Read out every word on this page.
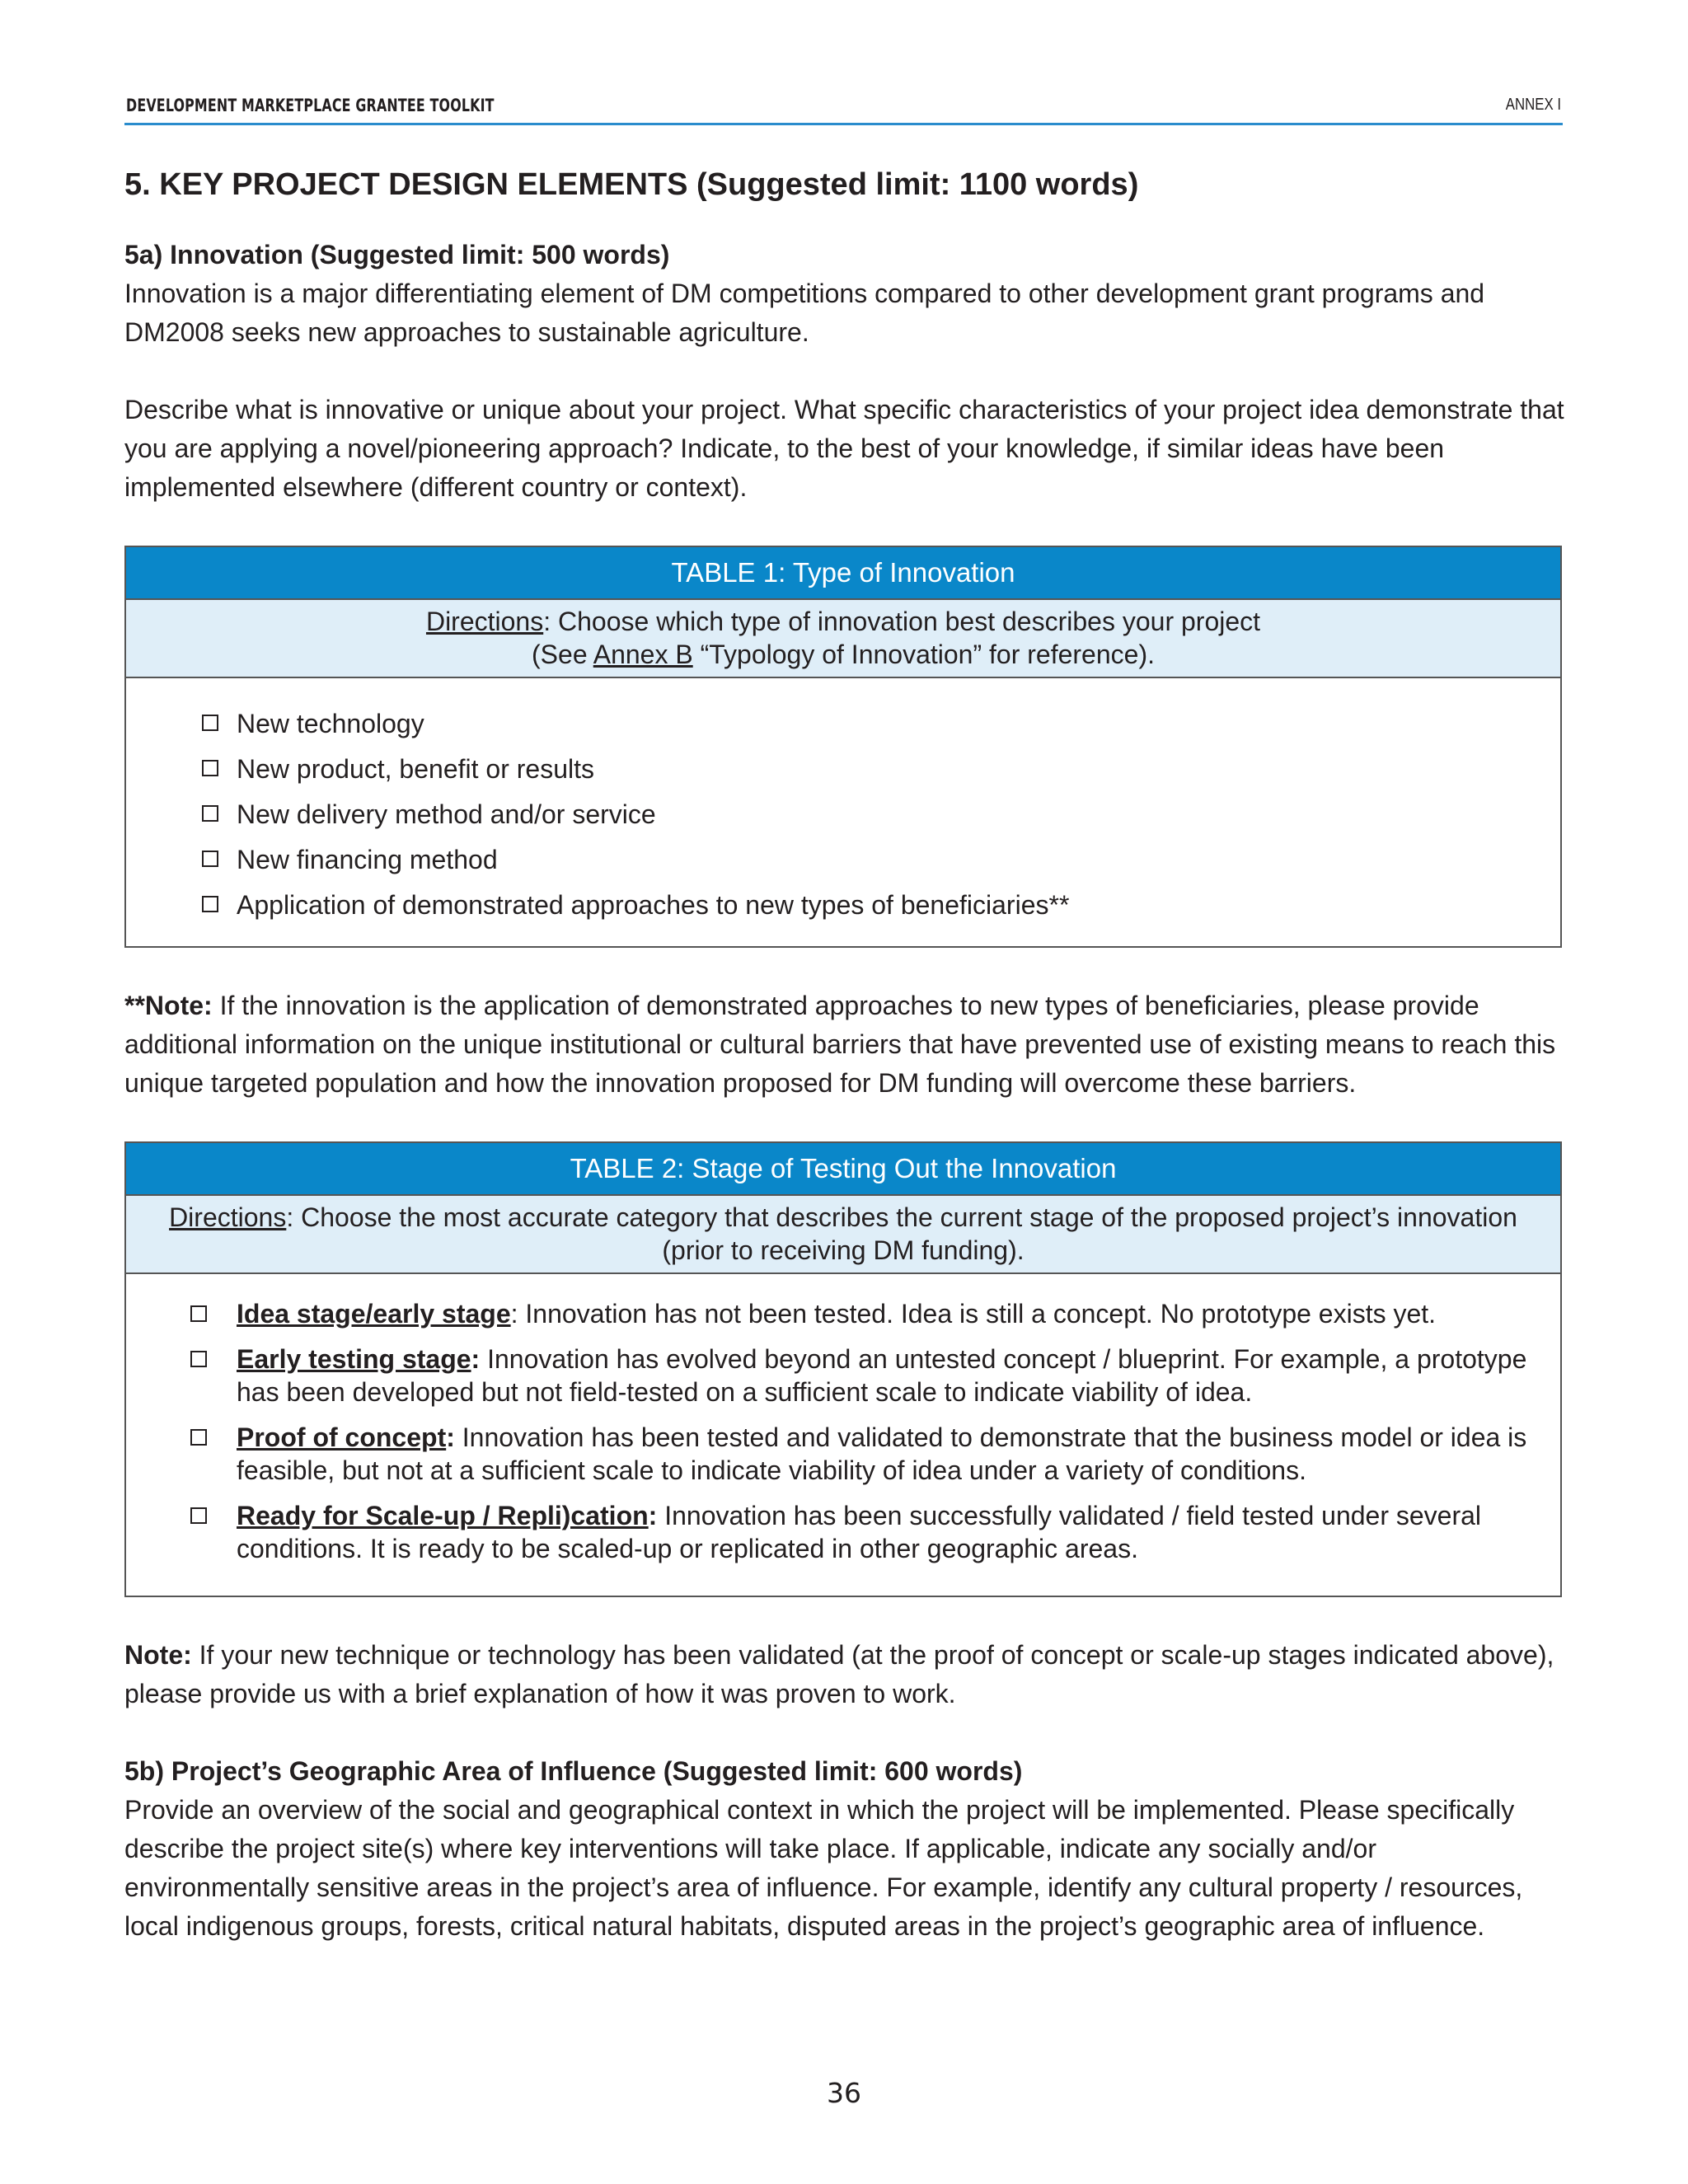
DEVELOPMENT MARKETPLACE GRANTEE TOOLKIT	ANNEX I
5. KEY PROJECT DESIGN ELEMENTS (Suggested limit: 1100 words)
5a) Innovation (Suggested limit: 500 words)

Innovation is a major differentiating element of DM competitions compared to other development grant programs and DM2008 seeks new approaches to sustainable agriculture.

Describe what is innovative or unique about your project. What specific characteristics of your project idea demonstrate that you are applying a novel/pioneering approach? Indicate, to the best of your knowledge, if similar ideas have been implemented elsewhere (different country or context).

TABLE 1: Type of Innovation
Directions: Choose which type of innovation best describes your project
(See Annex B “Typology of Innovation” for reference).
New technology
New product, benefit or results
New delivery method and/or service
New financing method
Application of demonstrated approaches to new types of beneficiaries**

**Note: If the innovation is the application of demonstrated approaches to new types of beneficiaries, please provide additional information on the unique institutional or cultural barriers that have prevented use of existing means to reach this unique targeted population and how the innovation proposed for DM funding will overcome these barriers.

TABLE 2: Stage of Testing Out the Innovation
Directions: Choose the most accurate category that describes the current stage of the proposed project’s innovation (prior to receiving DM funding).
Idea stage/early stage: Innovation has not been tested. Idea is still a concept. No prototype exists yet.
Early testing stage: Innovation has evolved beyond an untested concept / blueprint. For example, a prototype has been developed but not field-tested on a sufficient scale to indicate viability of idea.
Proof of concept: Innovation has been tested and validated to demonstrate that the business model or idea is feasible, but not at a sufficient scale to indicate viability of idea under a variety of conditions.
Ready for Scale-up / Repli)cation: Innovation has been successfully validated / field tested under several conditions. It is ready to be scaled-up or replicated in other geographic areas.

Note: If your new technique or technology has been validated (at the proof of concept or scale-up stages indicated above), please provide us with a brief explanation of how it was proven to work.

5b) Project’s Geographic Area of Influence (Suggested limit: 600 words)

Provide an overview of the social and geographical context in which the project will be implemented. Please specifically describe the project site(s) where key interventions will take place. If applicable, indicate any socially and/or environmentally sensitive areas in the project’s area of influence. For example, identify any cultural property / resources, local indigenous groups, forests, critical natural habitats, disputed areas in the project’s geographic area of influence.

36
